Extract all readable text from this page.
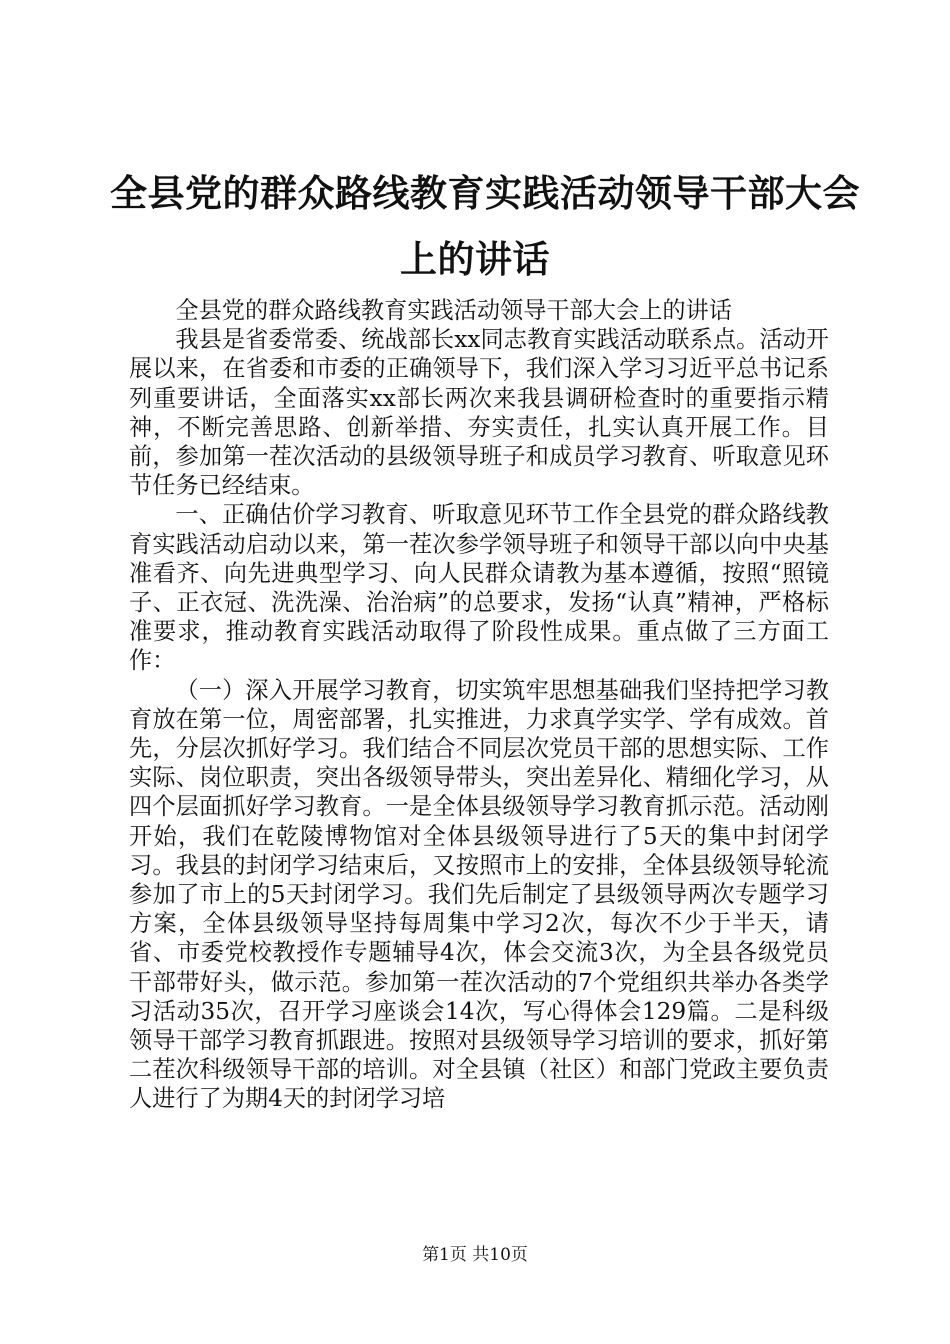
全县党的群众路线教育实践活动领导干部大会
上的讲话

全县党的群众路线教育实践活动领导干部大会上的讲话

我县是省委常委、统战部长xx同志教育实践活动联系点。活动开展以来，在省委和市委的正确领导下，我们深入学习习近平总书记系列重要讲话，全面落实xx部长两次来我县调研检查时的重要指示精神，不断完善思路、创新举措、夯实责任，扎实认真开展工作。目前，参加第一茬次活动的县级领导班子和成员学习教育、听取意见环节任务已经结束。

一、正确估价学习教育、听取意见环节工作全县党的群众路线教育实践活动启动以来，第一茬次参学领导班子和领导干部以向中央基准看齐、向先进典型学习、向人民群众请教为基本遵循，按照“照镜子、正衣冠、洗洗澡、治治病”的总要求，发扬“认真”精神，严格标准要求，推动教育实践活动取得了阶段性成果。重点做了三方面工作：

（一）深入开展学习教育，切实筑牢思想基础我们坚持把学习教育放在第一位，周密部署，扎实推进，力求真学实学、学有成效。首先，分层次抓好学习。我们结合不同层次党员干部的思想实际、工作实际、岗位职责，突出各级领导带头，突出差异化、精细化学习，从四个层面抓好学习教育。一是全体县级领导学习教育抓示范。活动刚开始，我们在乾陵博物馆对全体县级领导进行了5天的集中封闭学习。我县的封闭学习结束后，又按照市上的安排，全体县级领导轮流参加了市上的5天封闭学习。我们先后制定了县级领导两次专题学习方案，全体县级领导坚持每周集中学习2次，每次不少于半天，请省、市委党校教授作专题辅导4次，体会交流3次，为全县各级党员干部带好头，做示范。参加第一茬次活动的7个党组织共举办各类学习活动35次，召开学习座谈会14次，写心得体会129篇。二是科级领导干部学习教育抓跟进。按照对县级领导学习培训的要求，抓好第二茬次科级领导干部的培训。对全县镇（社区）和部门党政主要负责人进行了为期4天的封闭学习培

第1页 共10页
